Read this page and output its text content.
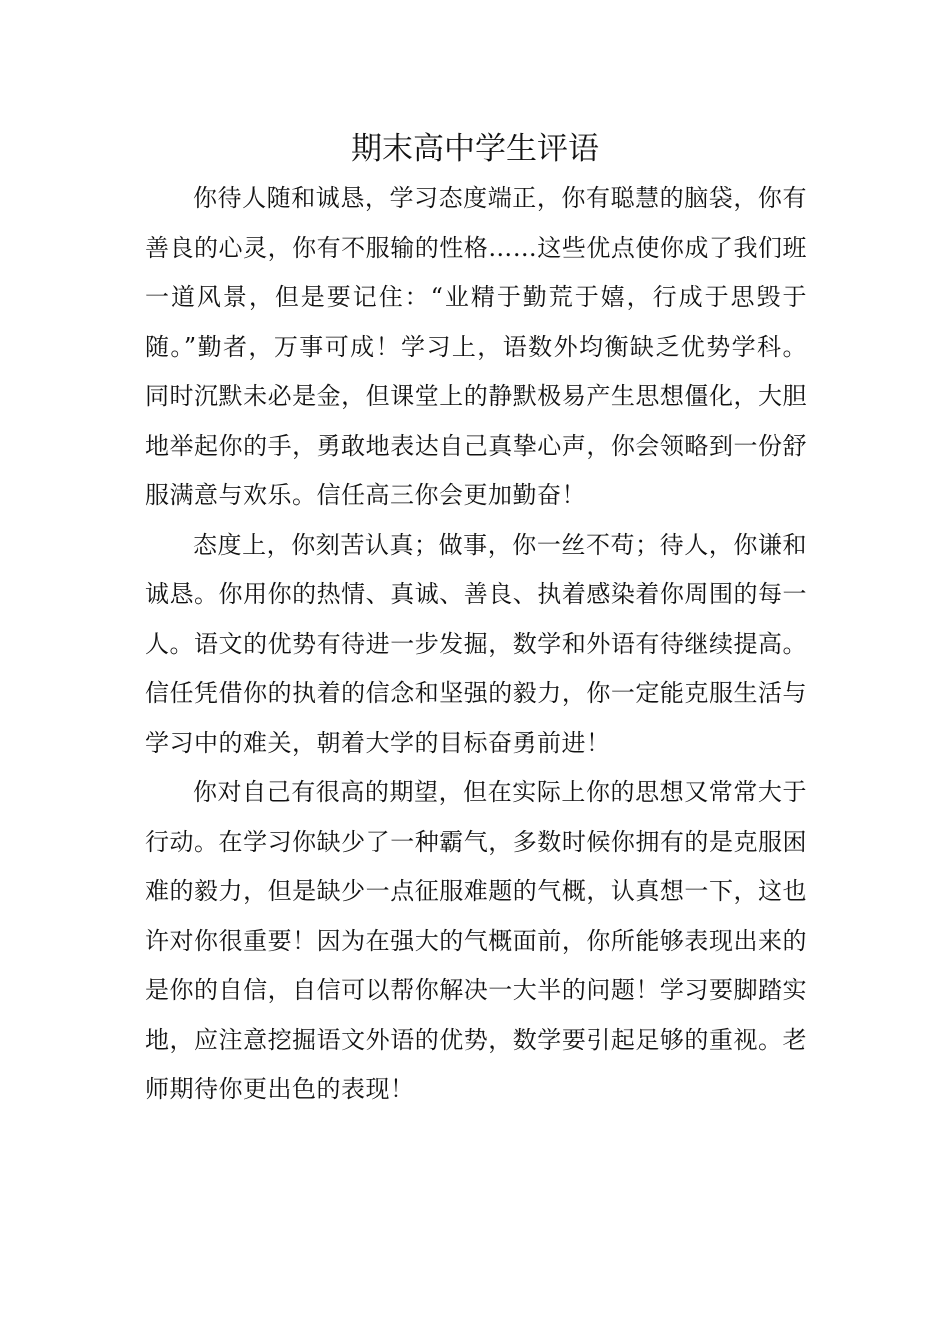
期末高中学生评语

你待人随和诚恳，学习态度端正，你有聪慧的脑袋，你有善良的心灵，你有不服输的性格……这些优点使你成了我们班一道风景，但是要记住：“业精于勤荒于嬉，行成于思毁于随。”勤者，万事可成！学习上，语数外均衡缺乏优势学科。同时沉默未必是金，但课堂上的静默极易产生思想僵化，大胆地举起你的手，勇敢地表达自己真挚心声，你会领略到一份舒服满意与欢乐。信任高三你会更加勤奋！

态度上，你刻苦认真；做事，你一丝不苟；待人，你谦和诚恳。你用你的热情、真诚、善良、执着感染着你周围的每一人。语文的优势有待进一步发掘，数学和外语有待继续提高。信任凭借你的执着的信念和坚强的毅力，你一定能克服生活与学习中的难关，朝着大学的目标奋勇前进！

你对自己有很高的期望，但在实际上你的思想又常常大于行动。在学习你缺少了一种霸气，多数时候你拥有的是克服困难的毅力，但是缺少一点征服难题的气概，认真想一下，这也许对你很重要！因为在强大的气概面前，你所能够表现出来的是你的自信，自信可以帮你解决一大半的问题！学习要脚踏实地，应注意挖掘语文外语的优势，数学要引起足够的重视。老师期待你更出色的表现！
